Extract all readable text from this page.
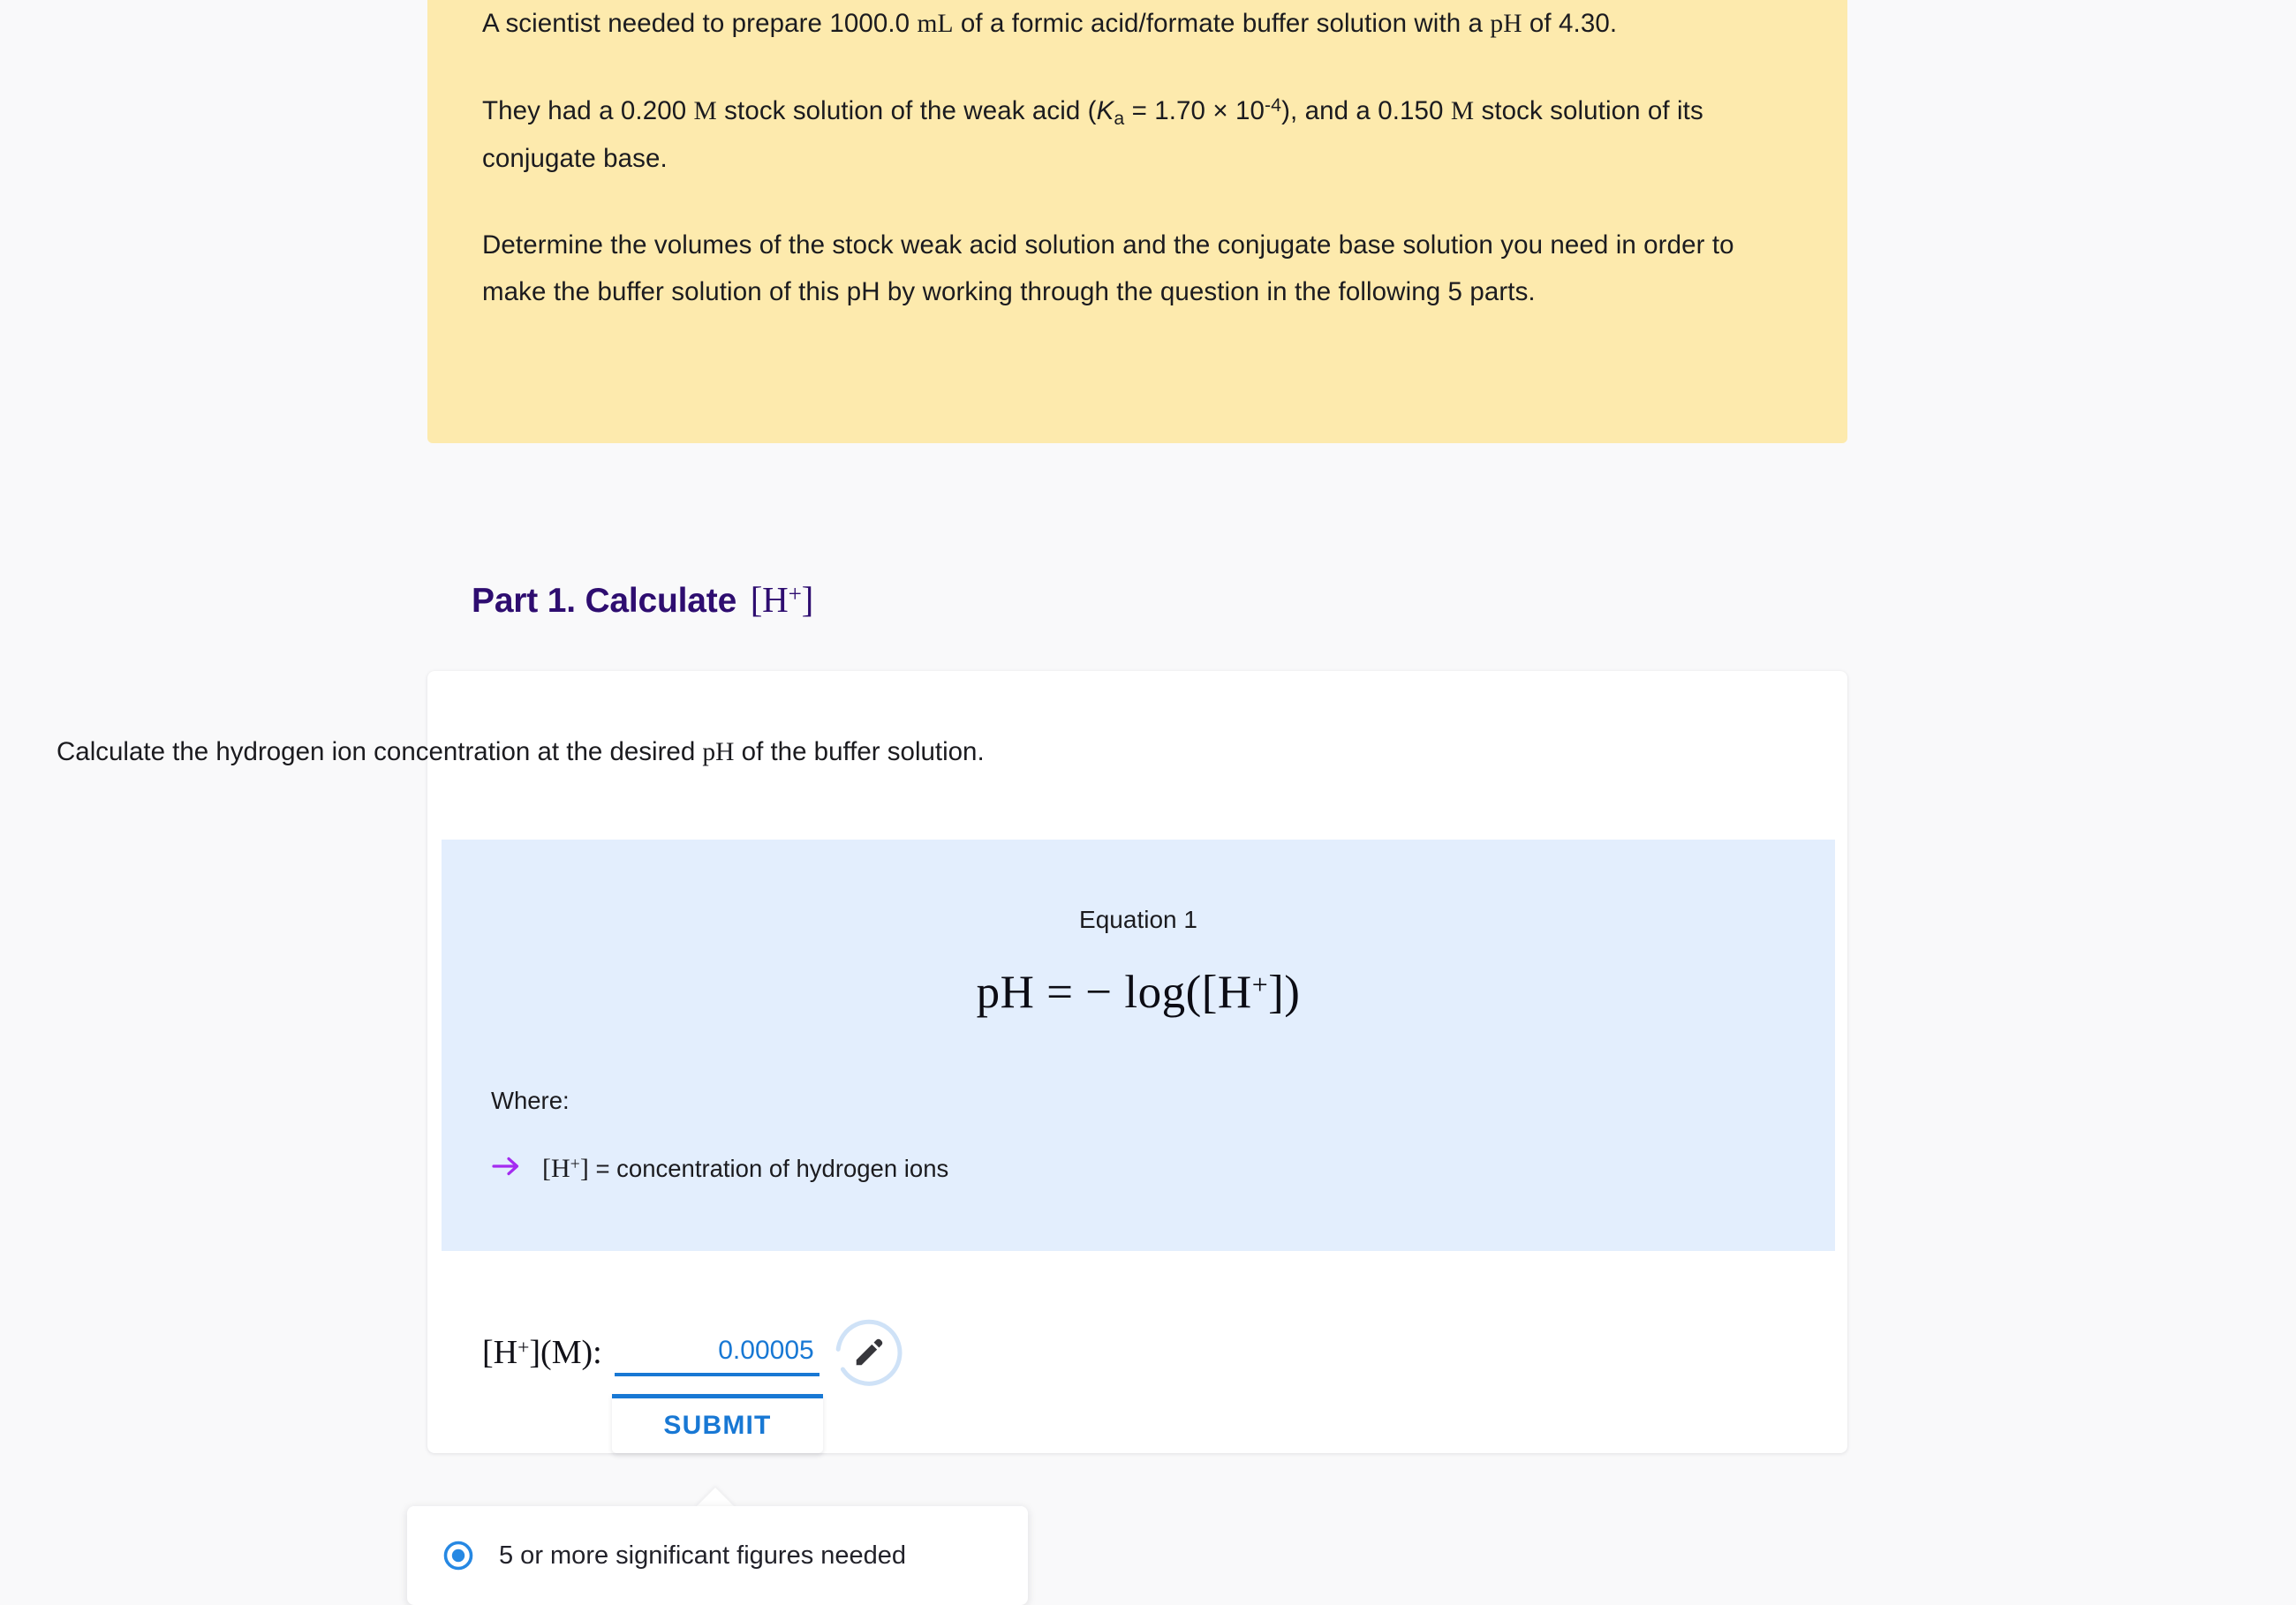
A scientist needed to prepare 1000.0 mL of a formic acid/formate buffer solution with a pH of 4.30.

They had a 0.200 M stock solution of the weak acid $(K_a = 1.70 \times 10^{-4})$, and a 0.150 M stock solution of its conjugate base.

Determine the volumes of the stock weak acid solution and the conjugate base solution you need in order to make the buffer solution of this pH by working through the question in the following 5 parts.

Part 1. Calculate [H+]
Calculate the hydrogen ion concentration at the desired pH of the buffer solution.
Equation 1
pH = − log([H+])
Where:
[H+] = concentration of hydrogen ions
[H+](M):
0.00005
SUBMIT
5 or more significant figures needed
